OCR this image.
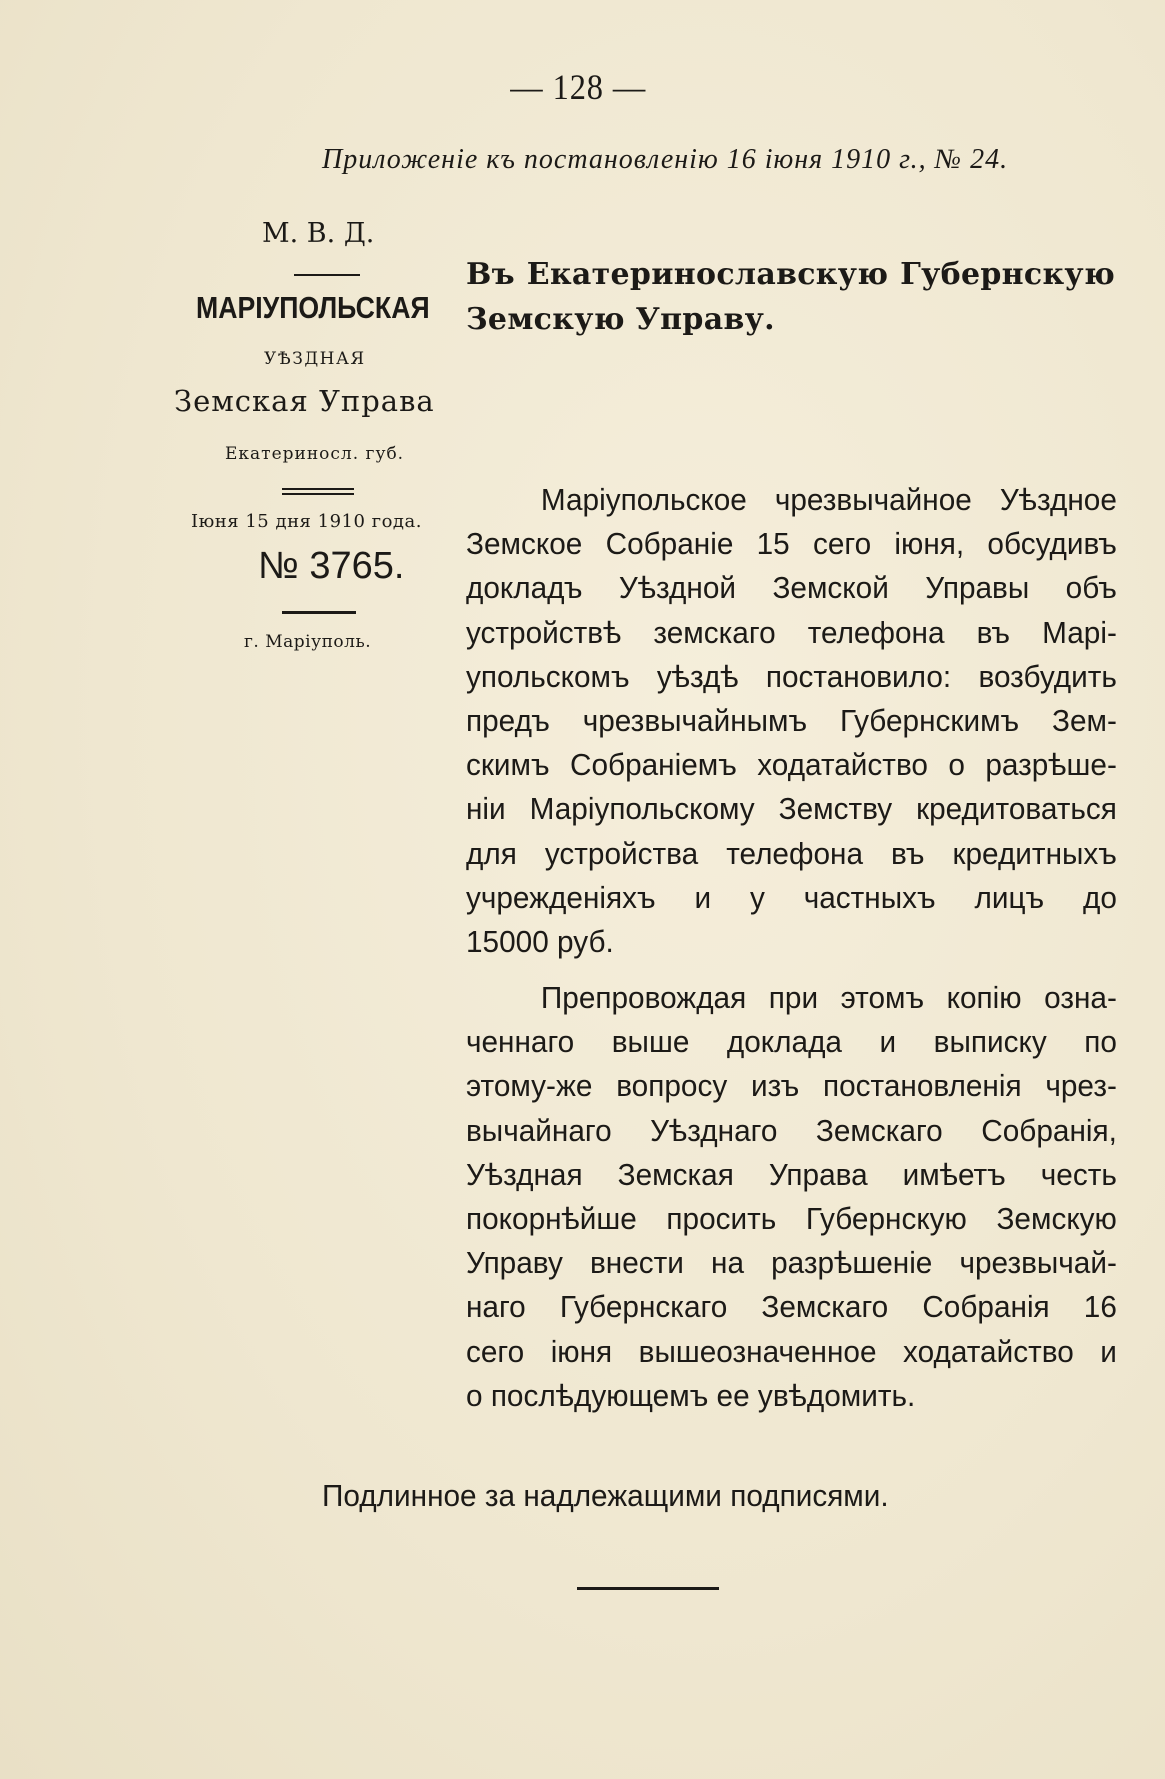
— 128 —
Приложеніе къ постановленію 16 іюня 1910 г., № 24.
М. В. Д.
МАРІУПОЛЬСКАЯ
УѢЗДНАЯ
Земская Управа
Екатериносл. губ.
Іюня 15 дня 1910 года.
№ 3765.
г. Маріуполь.
Въ Екатеринославскую Губернскую
Земскую Управу.
Маріупольское чрезвычайное Уѣздное
Земское Собраніе 15 сего іюня, обсудивъ
докладъ Уѣздной Земской Управы объ
устройствѣ земскаго телефона въ Марі-
упольскомъ уѣздѣ постановило: возбудить
предъ чрезвычайнымъ Губернскимъ Зем-
скимъ Собраніемъ ходатайство о разрѣше-
ніи Маріупольскому Земству кредитоваться
для устройства телефона въ кредитныхъ
учрежденіяхъ и у частныхъ лицъ до
15000 руб.
Препровождая при этомъ копію озна-
ченнаго выше доклада и выписку по
этому-же вопросу изъ постановленія чрез-
вычайнаго Уѣзднаго Земскаго Собранія,
Уѣздная Земская Управа имѣетъ честь
покорнѣйше просить Губернскую Земскую
Управу внести на разрѣшеніе чрезвычай-
наго Губернскаго Земскаго Собранія 16
сего іюня вышеозначенное ходатайство и
о послѣдующемъ ее увѣдомить.
Подлинное за надлежащими подписями.
